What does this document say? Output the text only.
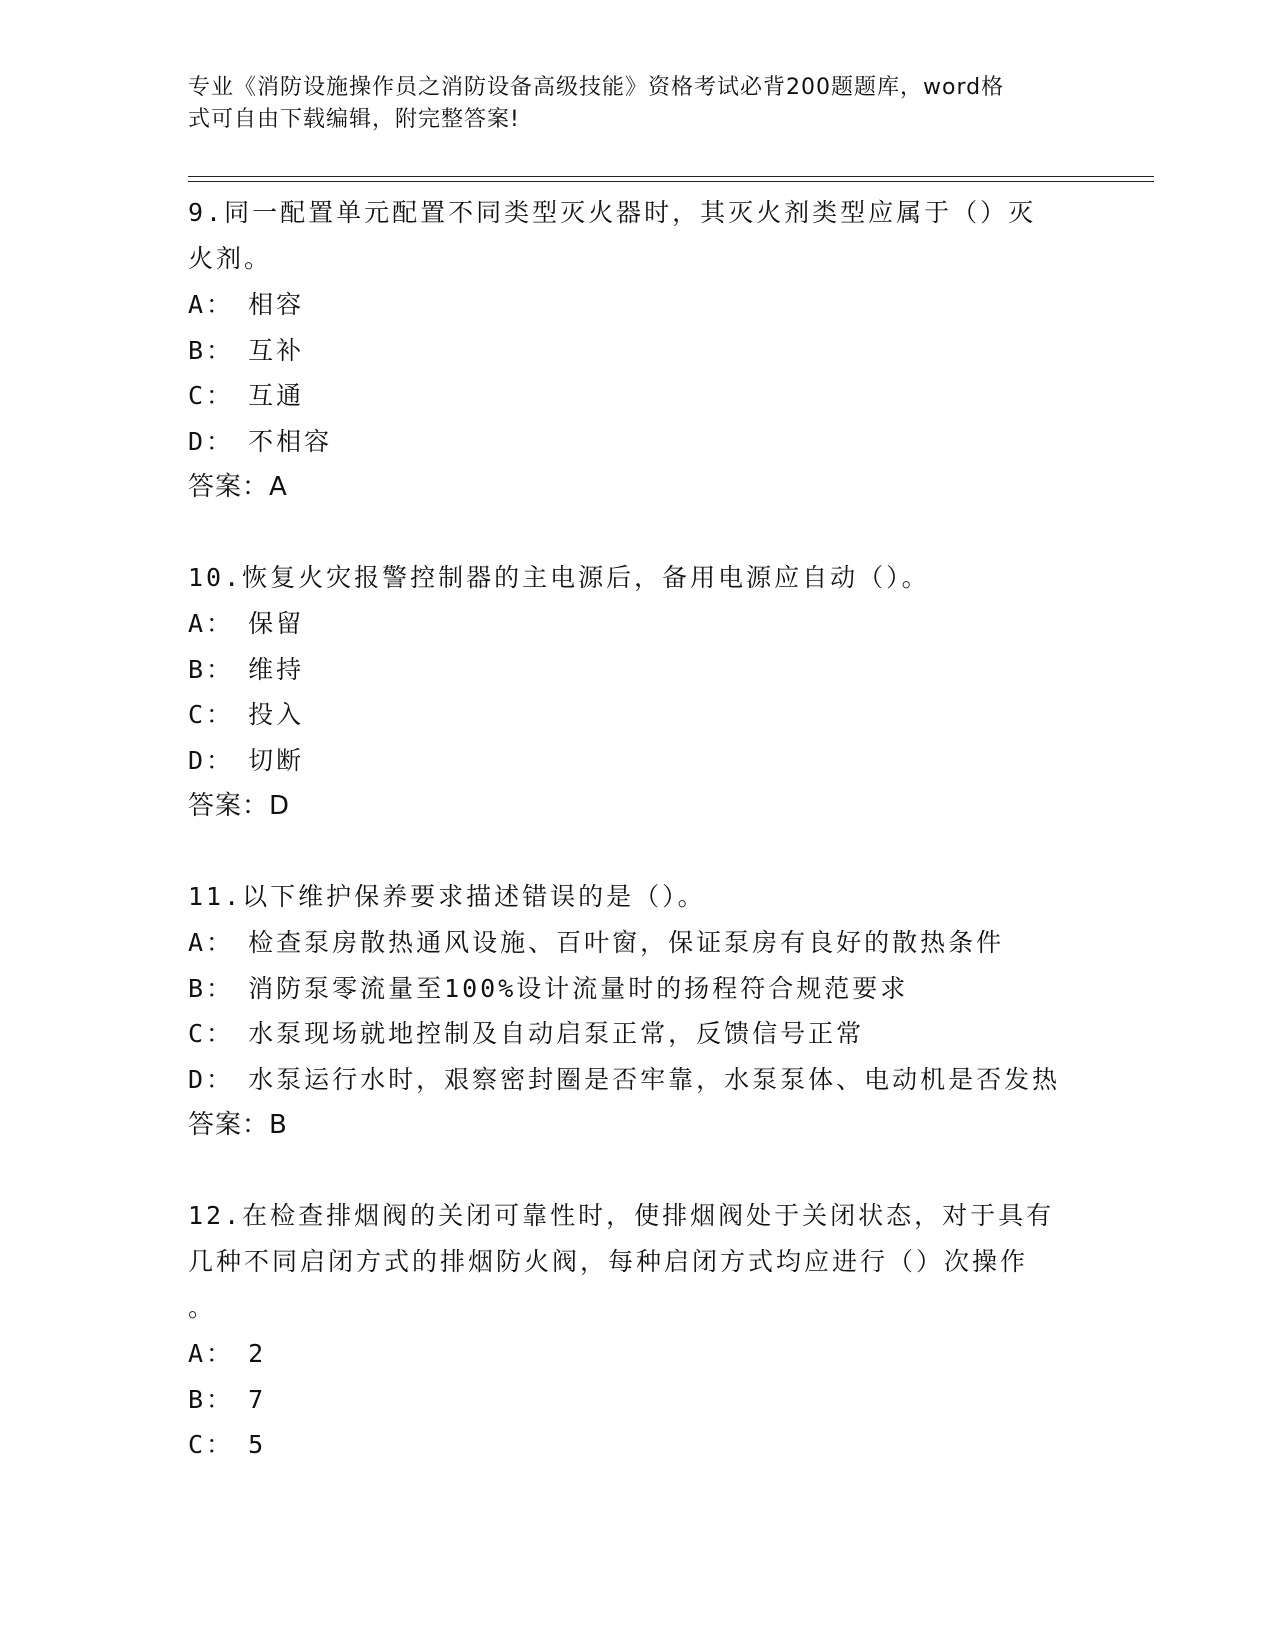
专业《消防设施操作员之消防设备高级技能》资格考试必背200题题库，word格
式可自由下载编辑，附完整答案!
9.同一配置单元配置不同类型灭火器时，其灭火剂类型应属于（）灭
火剂。
A： 相容
B： 互补
C： 互通
D： 不相容
答案：A
10.恢复火灾报警控制器的主电源后，备用电源应自动（）。
A： 保留
B： 维持
C： 投入
D： 切断
答案：D
11.以下维护保养要求描述错误的是（）。
A： 检查泵房散热通风设施、百叶窗，保证泵房有良好的散热条件
B： 消防泵零流量至100%设计流量时的扬程符合规范要求
C： 水泵现场就地控制及自动启泵正常，反馈信号正常
D： 水泵运行水时，艰察密封圈是否牢靠，水泵泵体、电动机是否发热
答案：B
12.在检查排烟阀的关闭可靠性时，使排烟阀处于关闭状态，对于具有
几种不同启闭方式的排烟防火阀，每种启闭方式均应进行（）次操作
。
A： 2
B： 7
C： 5
